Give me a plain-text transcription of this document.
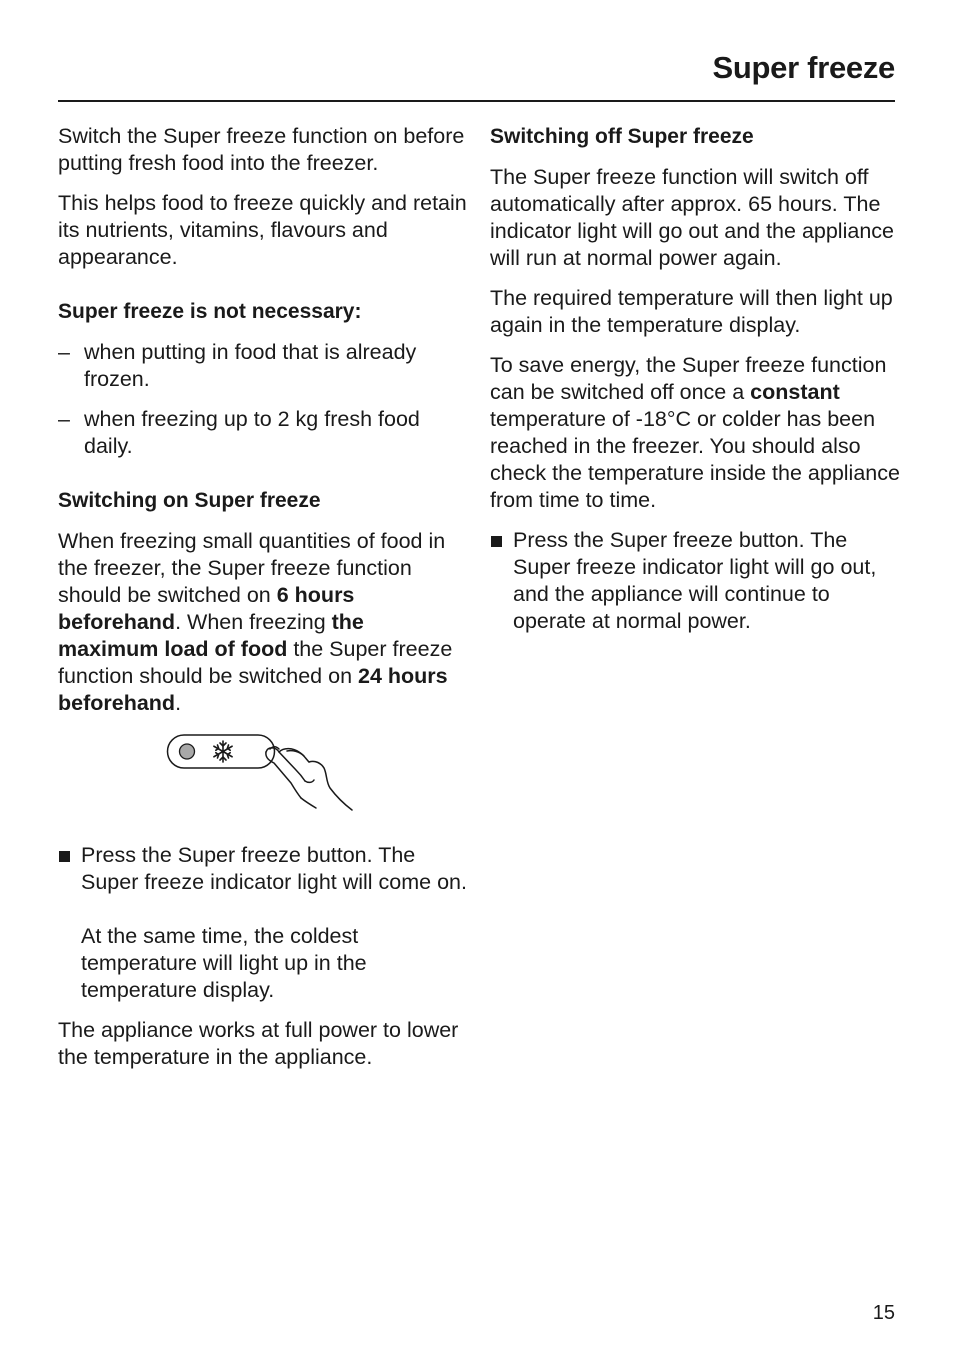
Super freeze

Switch the Super freeze function on before putting fresh food into the freezer.

This helps food to freeze quickly and retain its nutrients, vitamins, flavours and appearance.

Super freeze is not necessary:
– when putting in food that is already frozen.
– when freezing up to 2 kg fresh food daily.
Switching on Super freeze

When freezing small quantities of food in the freezer, the Super freeze function should be switched on 6 hours beforehand. When freezing the maximum load of food the Super freeze function should be switched on 24 hours beforehand.

Press the Super freeze button. The Super freeze indicator light will come on.

At the same time, the coldest temperature will light up in the temperature display.

The appliance works at full power to lower the temperature in the appliance.

Switching off Super freeze

The Super freeze function will switch off automatically after approx. 65 hours. The indicator light will go out and the appliance will run at normal power again.

The required temperature will then light up again in the temperature display.

To save energy, the Super freeze function can be switched off once a constant temperature of -18°C or colder has been reached in the freezer. You should also check the temperature inside the appliance from time to time.

Press the Super freeze button. The Super freeze indicator light will go out, and the appliance will continue to operate at normal power.

15
